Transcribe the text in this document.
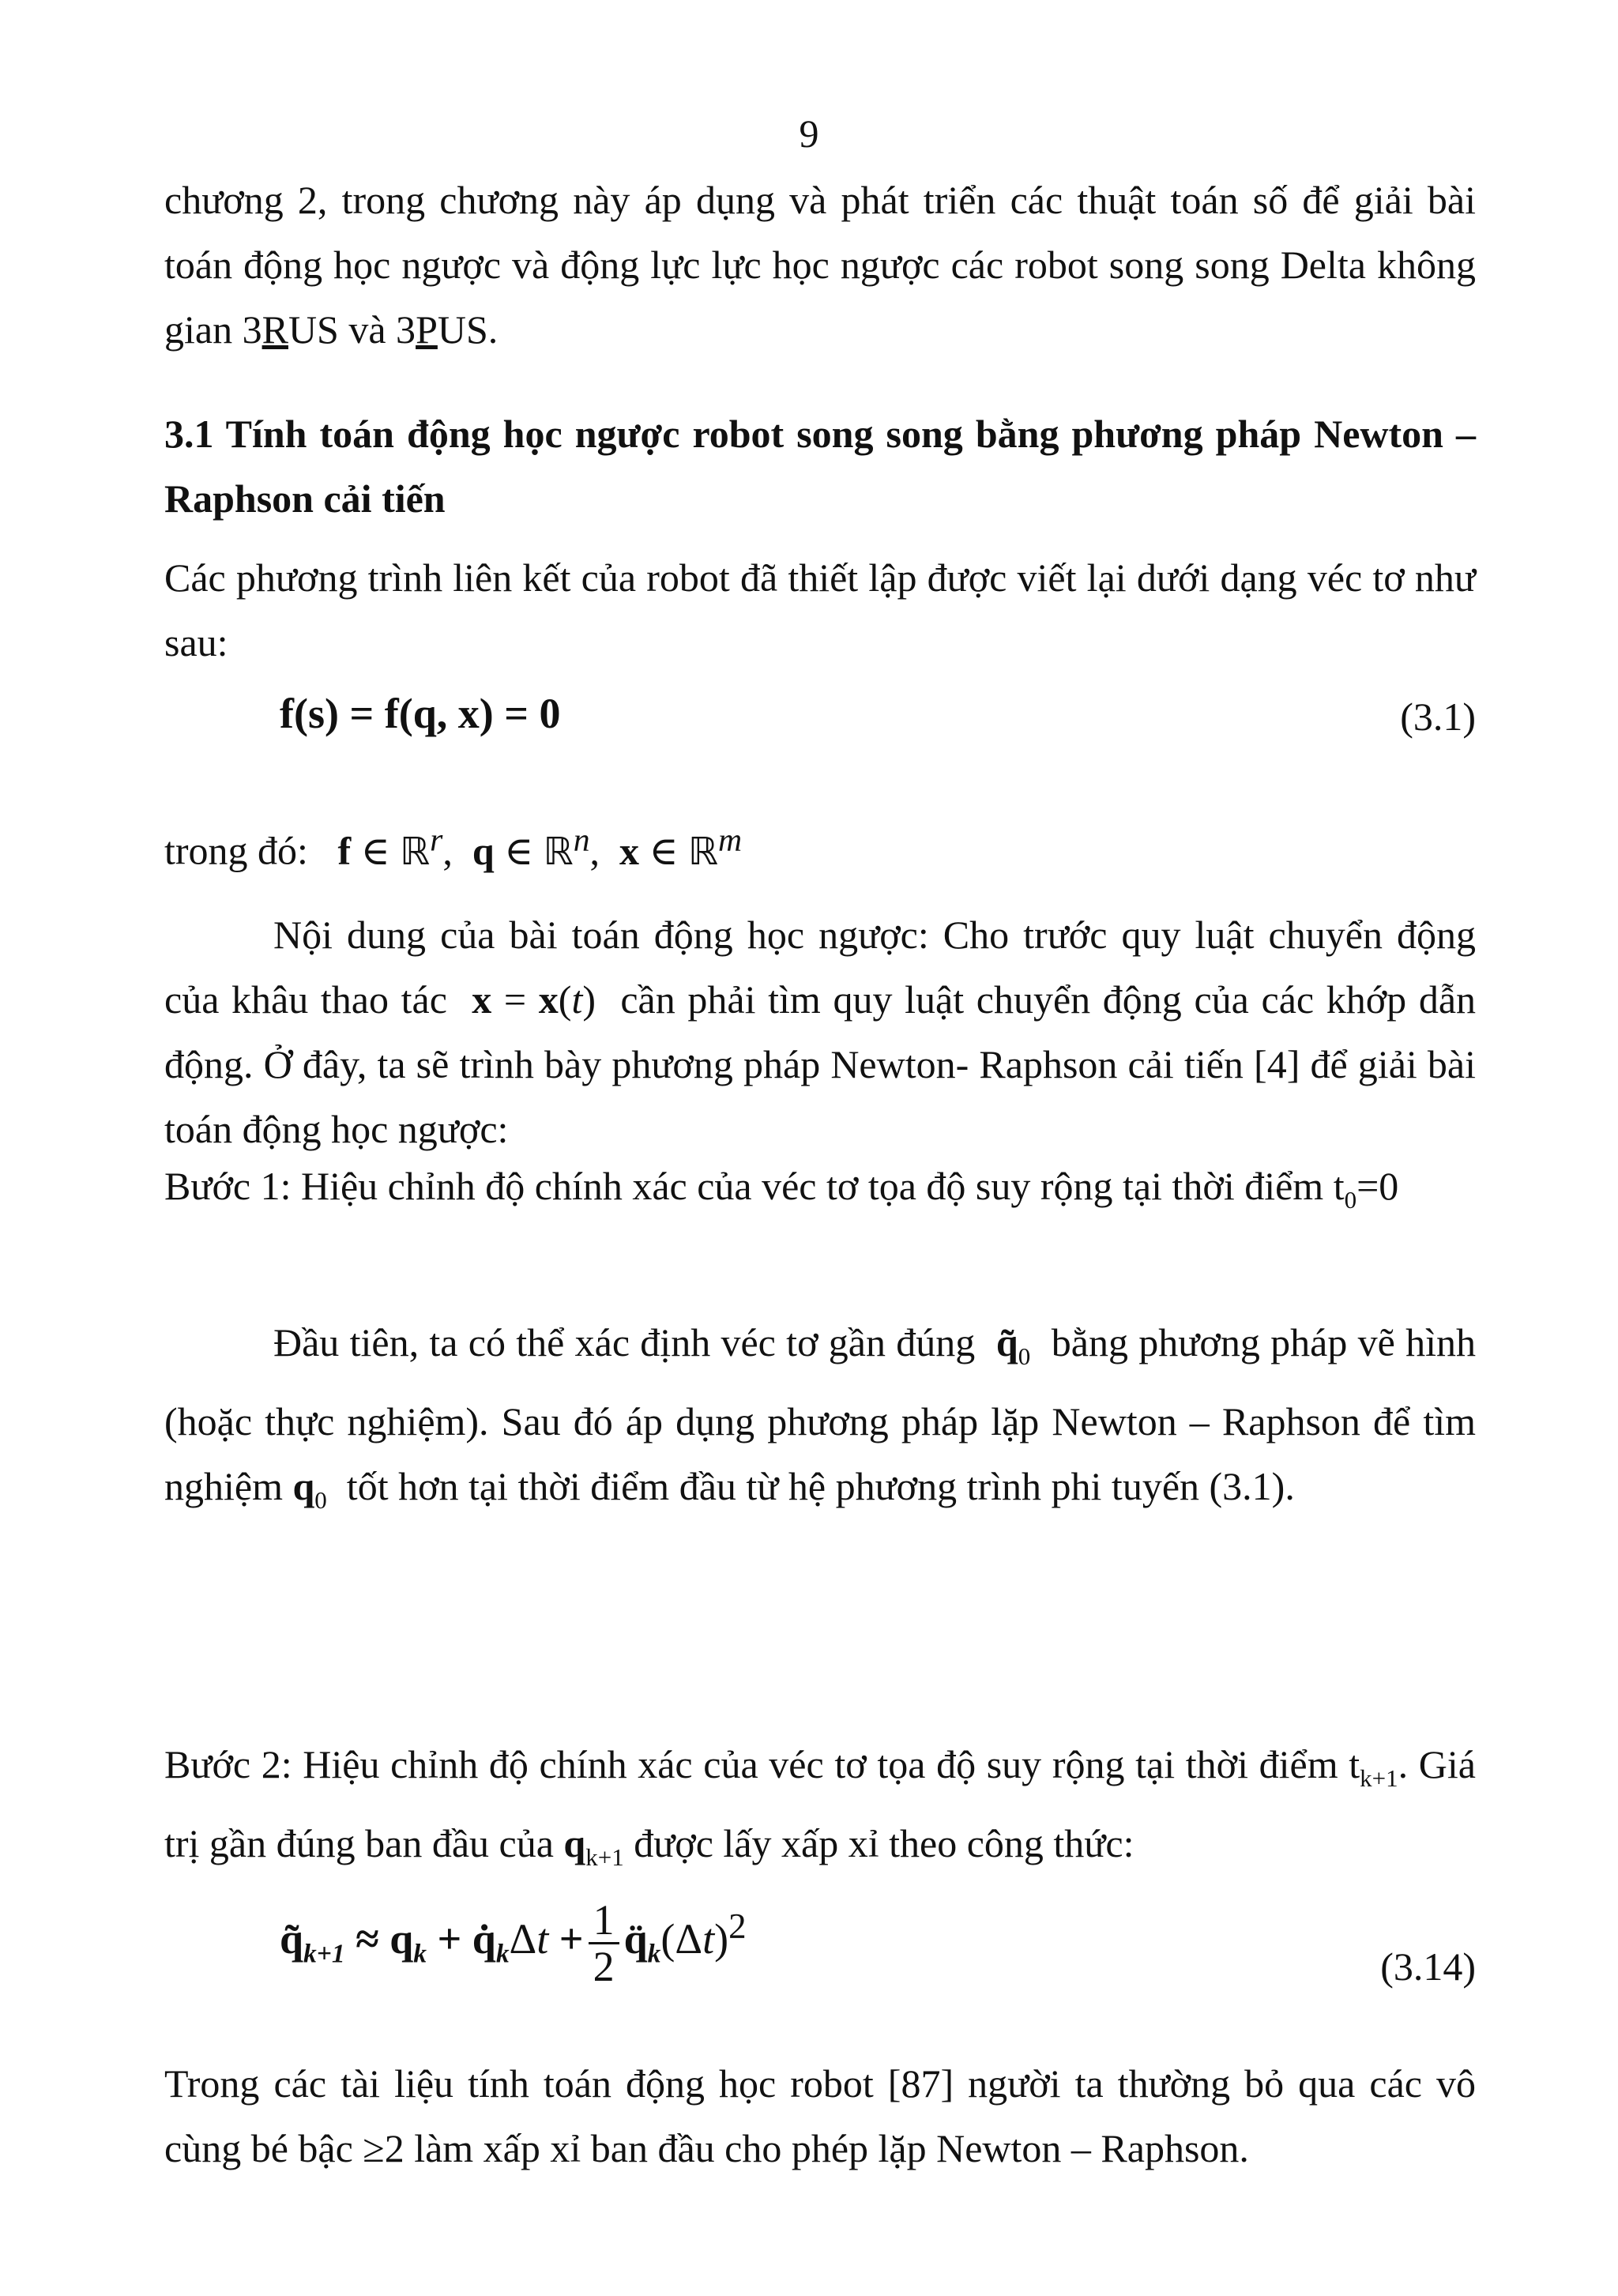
9
chương 2, trong chương này áp dụng và phát triển các thuật toán số để giải bài toán động học ngược và động lực lực học ngược các robot song song Delta không gian 3RUS và 3PUS.
3.1 Tính toán động học ngược robot song song bằng phương pháp Newton – Raphson cải tiến
Các phương trình liên kết của robot đã thiết lập được viết lại dưới dạng véc tơ như sau:
f(s) = f(q, x) = 0	(3.1)
trong đó: f ∈ ℝ$^r$,  q ∈ ℝ$^n$,  x ∈ ℝ$^m$
Nội dung của bài toán động học ngược: Cho trước quy luật chuyển động của khâu thao tác x = x(t)  cần phải tìm quy luật chuyển động của các khớp dẫn động. Ở đây, ta sẽ trình bày phương pháp Newton- Raphson cải tiến [4] để giải bài toán động học ngược:
Bước 1: Hiệu chỉnh độ chính xác của véc tơ tọa độ suy rộng tại thời điểm $t_0=0$
Đầu tiên, ta có thể xác định véc tơ gần đúng $q̃_0$ bằng phương pháp vẽ hình (hoặc thực nghiệm). Sau đó áp dụng phương pháp lặp Newton – Raphson để tìm nghiệm $q_0$ tốt hơn tại thời điểm đầu từ hệ phương trình phi tuyến (3.1).
Bước 2: Hiệu chỉnh độ chính xác của véc tơ tọa độ suy rộng tại thời điểm $t_{k+1}$. Giá trị gần đúng ban đầu của $q_{k+1}$ được lấy xấp xỉ theo công thức:
$q̃_{k+1} \approx q_k$ + $q̇_k\Delta t + \frac{1}{2}$ $q̈_k(\Delta t)^2$
(3.14)
Trong các tài liệu tính toán động học robot [87] người ta thường bỏ qua các vô cùng bé bậc ≥2 làm xấp xỉ ban đầu cho phép lặp Newton – Raphson.
